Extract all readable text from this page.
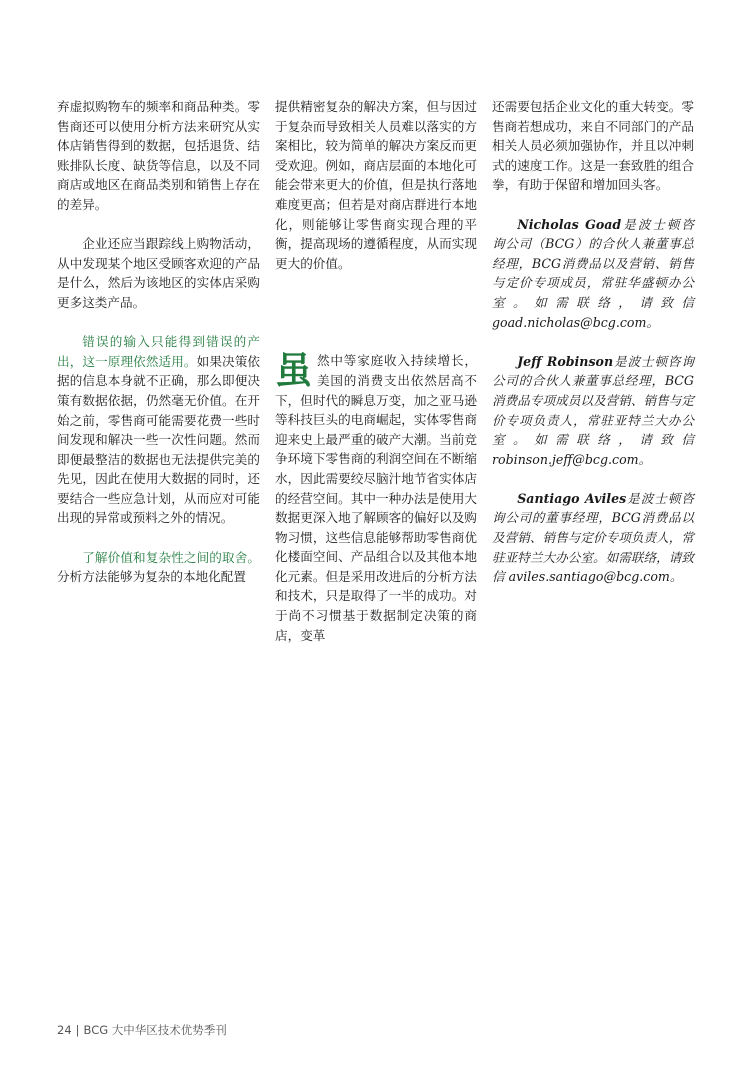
弃虚拟购物车的频率和商品种类。零售商还可以使用分析方法来研究从实体店销售得到的数据，包括退货、结账排队长度、缺货等信息，以及不同商店或地区在商品类别和销售上存在的差异。

企业还应当跟踪线上购物活动，从中发现某个地区受顾客欢迎的产品是什么，然后为该地区的实体店采购更多这类产品。

错误的输入只能得到错误的产出，这一原理依然适用。如果决策依据的信息本身就不正确，那么即便决策有数据依据，仍然毫无价值。在开始之前，零售商可能需要花费一些时间发现和解决一些一次性问题。然而即便最整洁的数据也无法提供完美的先见，因此在使用大数据的同时，还要结合一些应急计划，从而应对可能出现的异常或预料之外的情况。

了解价值和复杂性之间的取舍。分析方法能够为复杂的本地化配置

提供精密复杂的解决方案，但与因过于复杂而导致相关人员难以落实的方案相比，较为简单的解决方案反而更受欢迎。例如，商店层面的本地化可能会带来更大的价值，但是执行落地难度更高；但若是对商店群进行本地化，则能够让零售商实现合理的平衡，提高现场的遵循程度，从而实现更大的价值。

虽然中等家庭收入持续增长，美国的消费支出依然居高不下，但时代的瞬息万变，加之亚马逊等科技巨头的电商崛起，实体零售商迎来史上最严重的破产大潮。当前竞争环境下零售商的利润空间在不断缩水，因此需要绞尽脑汁地节省实体店的经营空间。其中一种办法是使用大数据更深入地了解顾客的偏好以及购物习惯，这些信息能够帮助零售商优化楼面空间、产品组合以及其他本地化元素。但是采用改进后的分析方法和技术，只是取得了一半的成功。对于尚不习惯基于数据制定决策的商店，变革

还需要包括企业文化的重大转变。零售商若想成功，来自不同部门的产品相关人员必须加强协作，并且以冲刺式的速度工作。这是一套致胜的组合拳，有助于保留和增加回头客。

Nicholas Goad是波士顿咨询公司（BCG）的合伙人兼董事总经理，BCG消费品以及营销、销售与定价专项成员，常驻华盛顿办公室。如需联络，请致信 goad.nicholas@bcg.com。

Jeff Robinson是波士顿咨询公司的合伙人兼董事总经理，BCG消费品专项成员以及营销、销售与定价专项负责人，常驻亚特兰大办公室。如需联络，请致信 robinson.jeff@bcg.com。

Santiago Aviles是波士顿咨询公司的董事经理，BCG消费品以及营销、销售与定价专项负责人，常驻亚特兰大办公室。如需联络，请致信 aviles.santiago@bcg.com。

24 | BCG 大中华区技术优势季刊
